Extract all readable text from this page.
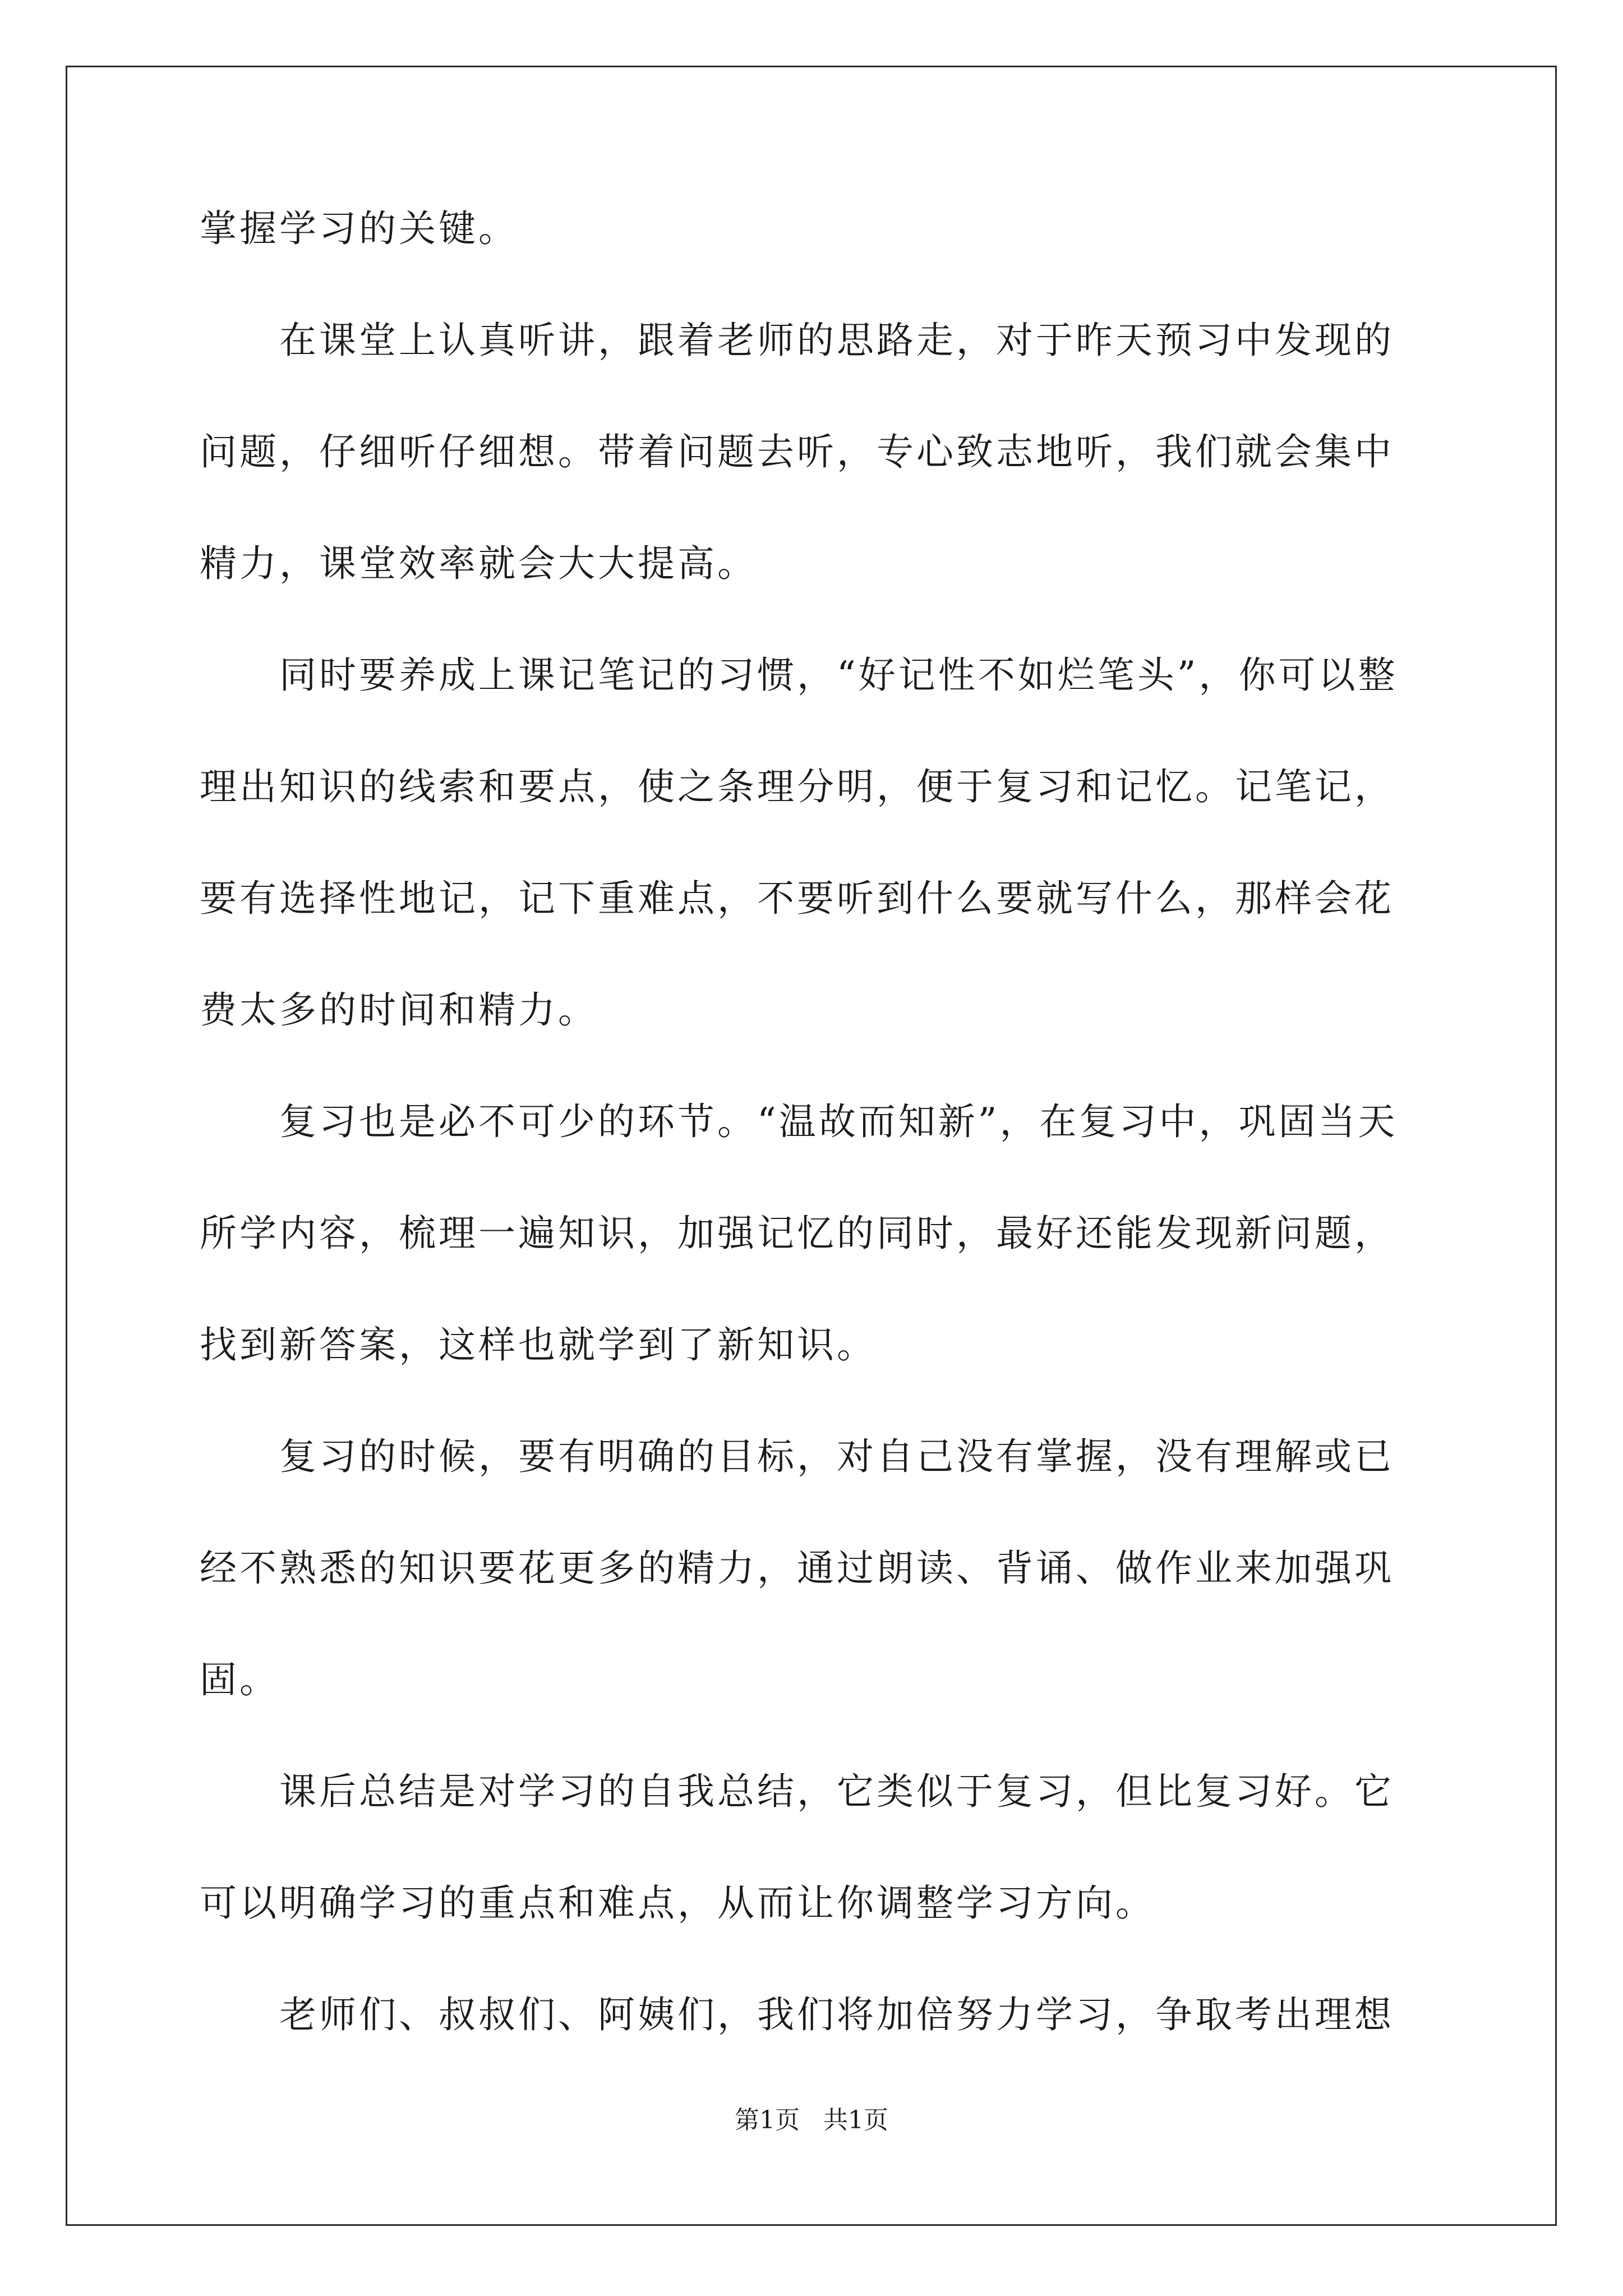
掌握学习的关键。
　　在课堂上认真听讲，跟着老师的思路走，对于昨天预习中发现的
问题，仔细听仔细想。带着问题去听，专心致志地听，我们就会集中
精力，课堂效率就会大大提高。
　　同时要养成上课记笔记的习惯，“好记性不如烂笔头”，你可以整
理出知识的线索和要点，使之条理分明，便于复习和记忆。记笔记，
要有选择性地记，记下重难点，不要听到什么要就写什么，那样会花
费太多的时间和精力。
　　复习也是必不可少的环节。“温故而知新”，在复习中，巩固当天
所学内容，梳理一遍知识，加强记忆的同时，最好还能发现新问题，
找到新答案，这样也就学到了新知识。
　　复习的时候，要有明确的目标，对自己没有掌握，没有理解或已
经不熟悉的知识要花更多的精力，通过朗读、背诵、做作业来加强巩
固。
　　课后总结是对学习的自我总结，它类似于复习，但比复习好。它
可以明确学习的重点和难点，从而让你调整学习方向。
　　老师们、叔叔们、阿姨们，我们将加倍努力学习，争取考出理想
第1页   共1页
